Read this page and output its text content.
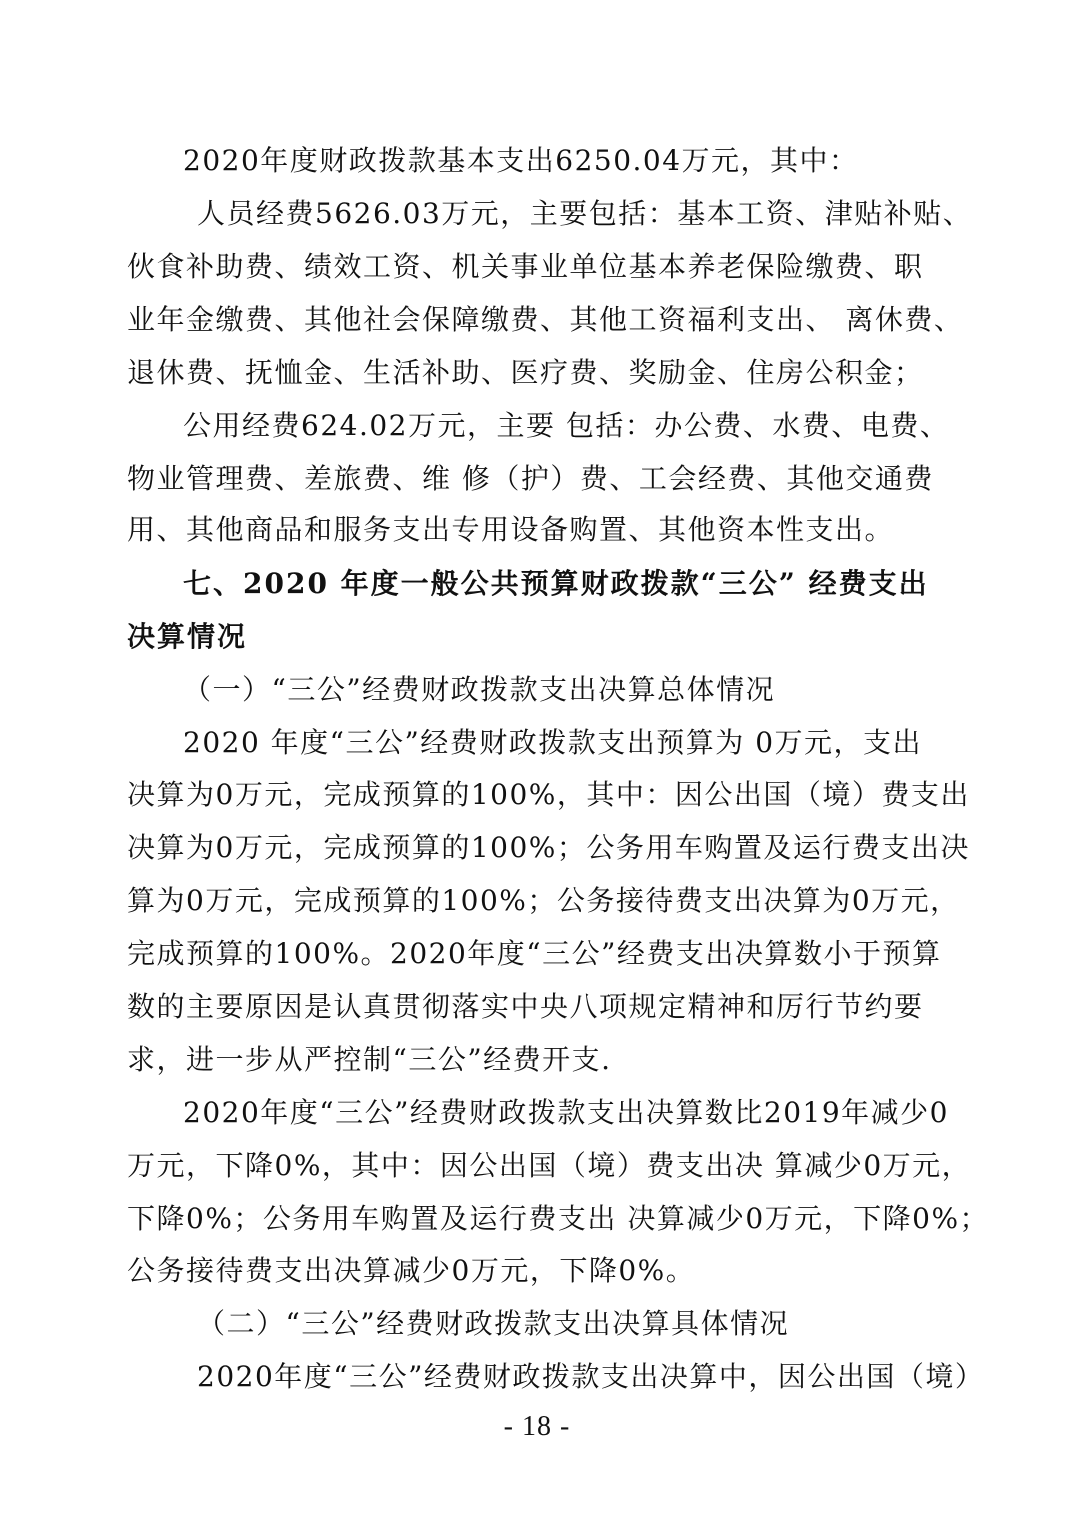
2020年度财政拨款基本支出6250.04万元，其中：
人员经费5626.03万元，主要包括：基本工资、津贴补贴、
伙食补助费、绩效工资、机关事业单位基本养老保险缴费、职
业年金缴费、其他社会保障缴费、其他工资福利支出、 离休费、
退休费、抚恤金、生活补助、医疗费、奖励金、住房公积金；
公用经费624.02万元，主要 包括：办公费、水费、电费、
物业管理费、差旅费、维 修（护）费、工会经费、其他交通费
用、其他商品和服务支出专用设备购置、其他资本性支出。
七、2020 年度一般公共预算财政拨款“三公” 经费支出
决算情况
（一）“三公”经费财政拨款支出决算总体情况
2020 年度“三公”经费财政拨款支出预算为 0万元，支出
决算为0万元，完成预算的100%，其中：因公出国（境）费支出
决算为0万元，完成预算的100%；公务用车购置及运行费支出决
算为0万元，完成预算的100%；公务接待费支出决算为0万元，
完成预算的100%。2020年度“三公”经费支出决算数小于预算
数的主要原因是认真贯彻落实中央八项规定精神和厉行节约要
求，进一步从严控制“三公”经费开支.
2020年度“三公”经费财政拨款支出决算数比2019年减少0
万元，下降0%，其中：因公出国（境）费支出决 算减少0万元，
下降0%；公务用车购置及运行费支出 决算减少0万元，下降0%；
公务接待费支出决算减少0万元，下降0%。
（二）“三公”经费财政拨款支出决算具体情况
2020年度“三公”经费财政拨款支出决算中，因公出国（境）
- 18 -
